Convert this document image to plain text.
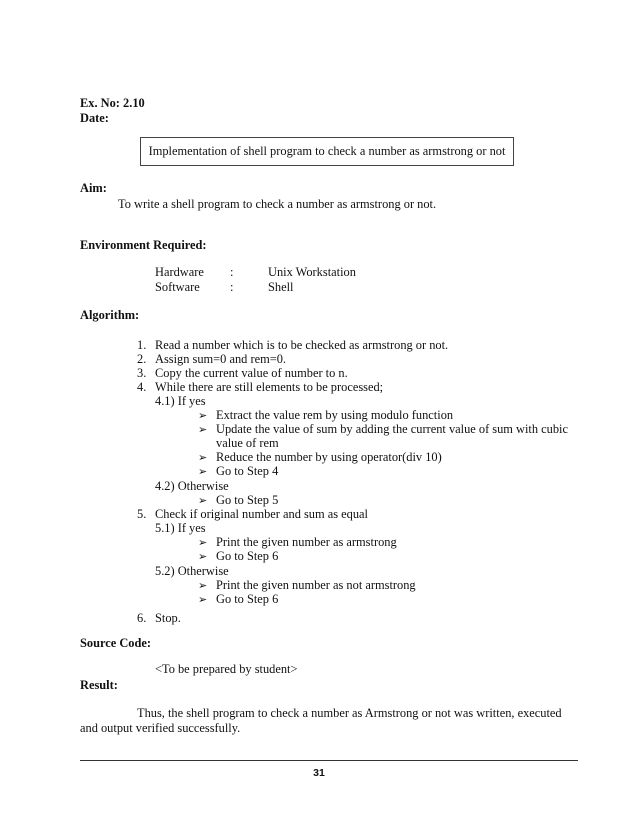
Ex. No: 2.10
Date:
Implementation of shell program to check a number as armstrong or not
Aim:
To write a shell program to check a number as armstrong or not.
Environment Required:
Hardware :	Unix Workstation
Software :	Shell
Algorithm:
1. Read a number which is to be checked as armstrong or not.
2. Assign sum=0 and rem=0.
3. Copy the current value of number to n.
4. While there are still elements to be processed;
4.1) If yes
➢ Extract the value rem by using modulo function
➢ Update the value of sum by adding the current value of sum with cubic
value of rem
➢ Reduce the number by using operator(div 10)
➢ Go to Step 4
4.2) Otherwise
➢ Go to Step 5
5. Check if original number and sum as equal
5.1) If yes
➢ Print the given number as armstrong
➢ Go to Step 6
5.2) Otherwise
➢ Print the given number as not armstrong
➢ Go to Step 6
6. Stop.
Source Code:
<To be prepared by student>
Result:
Thus, the shell program to check a number as Armstrong or not was written, executed
and output verified successfully.
31
